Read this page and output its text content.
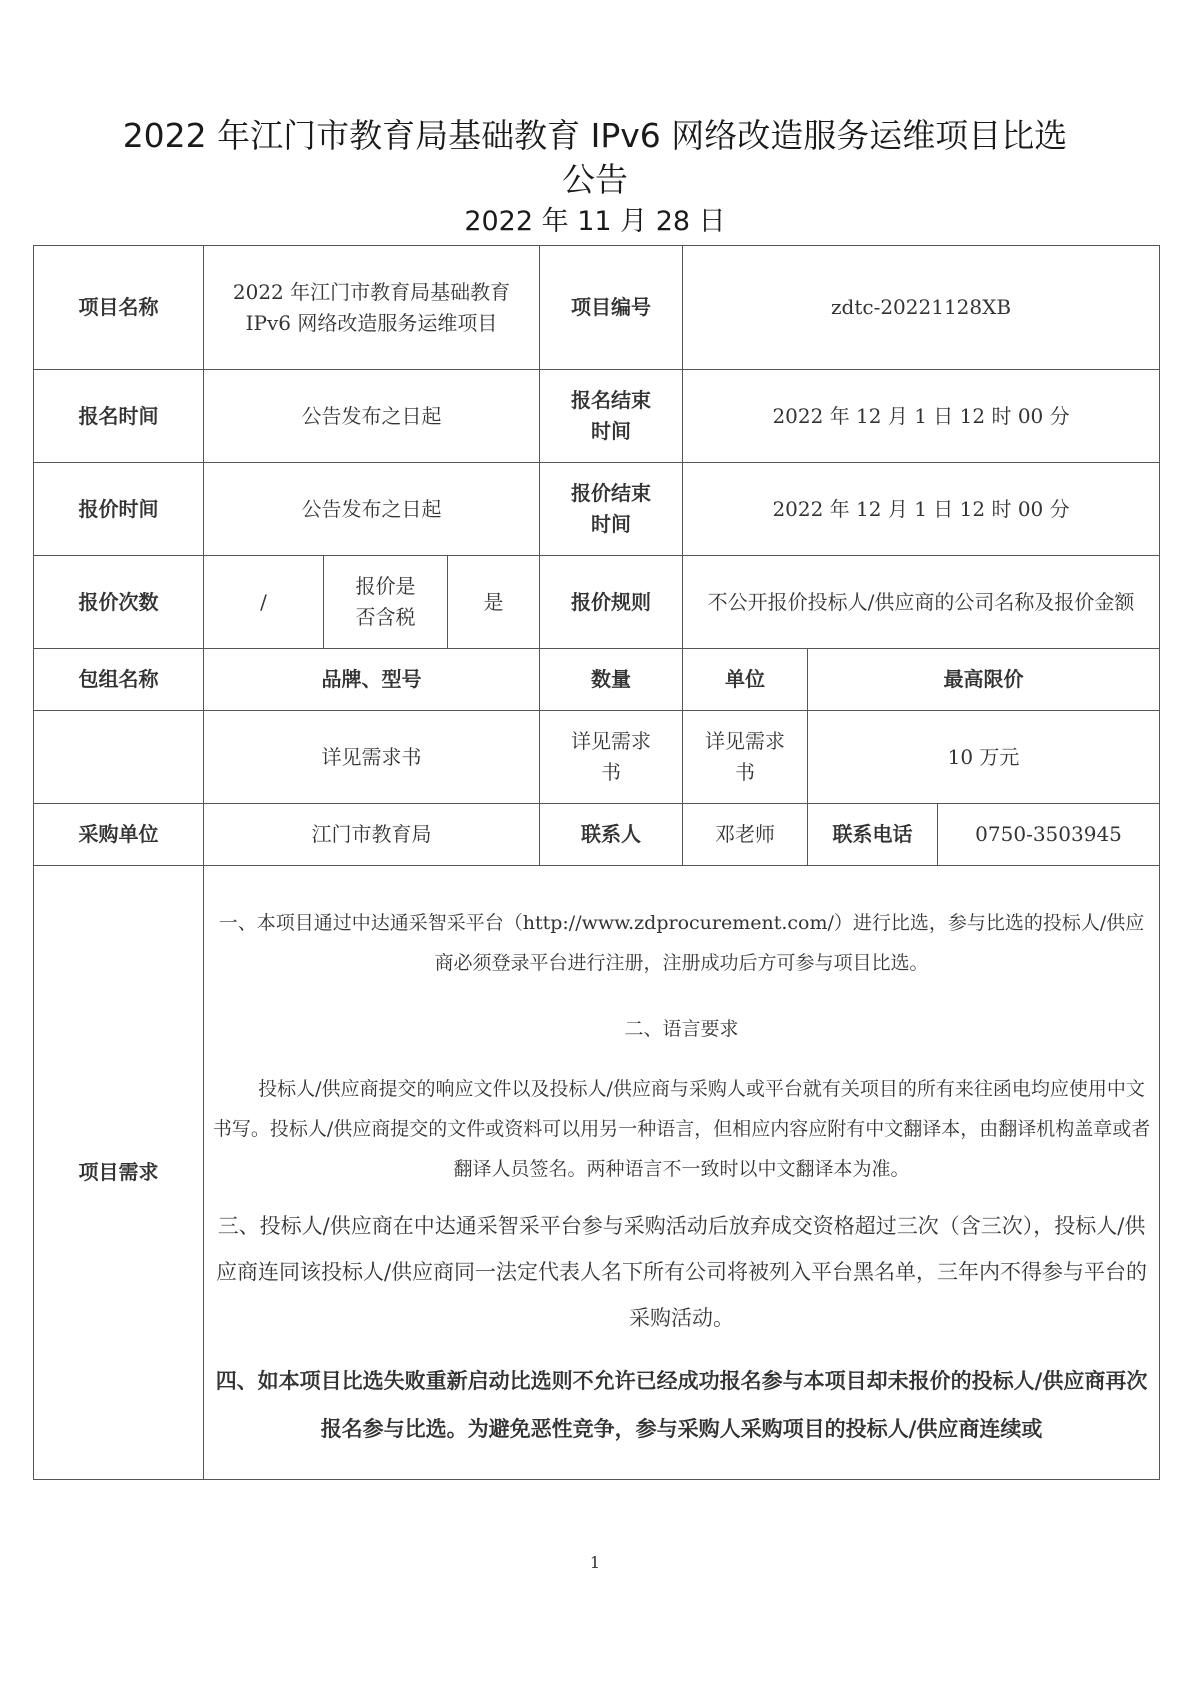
2022 年江门市教育局基础教育 IPv6 网络改造服务运维项目比选
公告
2022 年 11 月 28 日
项目名称	2022 年江门市教育局基础教育 IPv6 网络改造服务运维项目			项目编号	zdtc-20221128XB		
报名时间	公告发布之日起			报名结束时间	2022 年 12 月 1 日 12 时 00 分		
报价时间	公告发布之日起			报价结束时间	2022 年 12 月 1 日 12 时 00 分		
报价次数	/	报价是否含税	是	报价规则	不公开报价投标人/供应商的公司名称及报价金额		
包组名称	品牌、型号			数量	单位	最高限价	
	详见需求书			详见需求书	详见需求书	10 万元	
采购单位	江门市教育局			联系人	邓老师	联系电话	0750-3503945
项目需求	一、本项目通过中达通采智采平台（http://www.zdprocurement.com/）进行比选，参与比选的投标人/供应商必须登录平台进行注册，注册成功后方可参与项目比选。

二、语言要求

投标人/供应商提交的响应文件以及投标人/供应商与采购人或平台就有关项目的所有来往函电均应使用中文书写。投标人/供应商提交的文件或资料可以用另一种语言，但相应内容应附有中文翻译本，由翻译机构盖章或者翻译人员签名。两种语言不一致时以中文翻译本为准。

三、投标人/供应商在中达通采智采平台参与采购活动后放弃成交资格超过三次（含三次），投标人/供应商连同该投标人/供应商同一法定代表人名下所有公司将被列入平台黑名单，三年内不得参与平台的采购活动。

四、如本项目比选失败重新启动比选则不允许已经成功报名参与本项目却未报价的投标人/供应商再次报名参与比选。为避免恶性竞争，参与采购人采购项目的投标人/供应商连续或						

1
